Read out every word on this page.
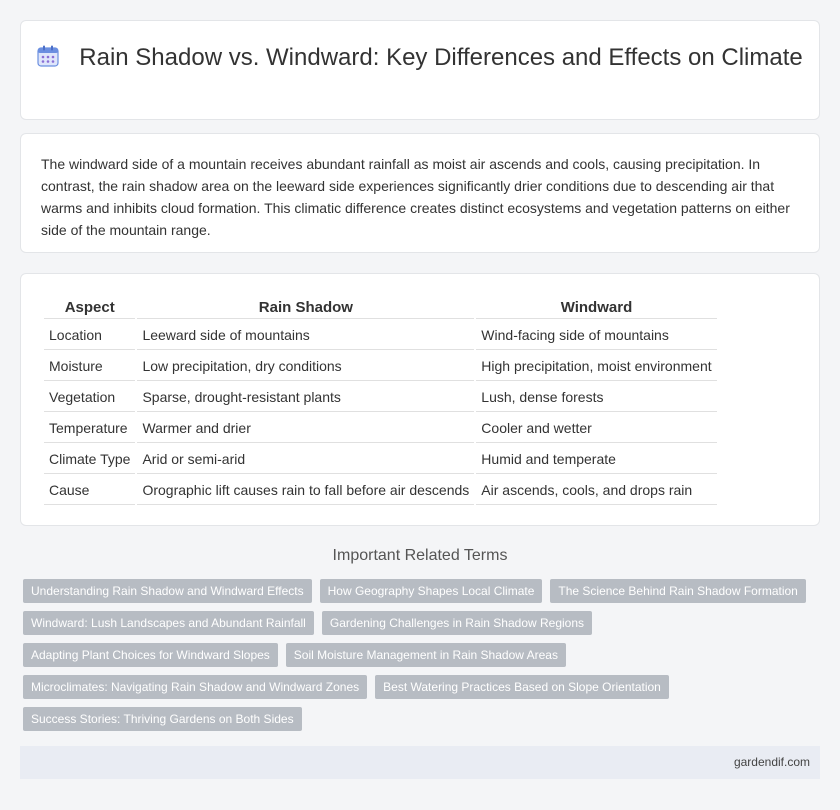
Rain Shadow vs. Windward: Key Differences and Effects on Climate

The windward side of a mountain receives abundant rainfall as moist air ascends and cools, causing precipitation. In contrast, the rain shadow area on the leeward side experiences significantly drier conditions due to descending air that warms and inhibits cloud formation. This climatic difference creates distinct ecosystems and vegetation patterns on either side of the mountain range.

Aspect	Rain Shadow	Windward
Location	Leeward side of mountains	Wind-facing side of mountains
Moisture	Low precipitation, dry conditions	High precipitation, moist environment
Vegetation	Sparse, drought-resistant plants	Lush, dense forests
Temperature	Warmer and drier	Cooler and wetter
Climate Type	Arid or semi-arid	Humid and temperate
Cause	Orographic lift causes rain to fall before air descends	Air ascends, cools, and drops rain
Important Related Terms
Understanding Rain Shadow and Windward Effects	How Geography Shapes Local Climate	The Science Behind Rain Shadow Formation
Windward: Lush Landscapes and Abundant Rainfall	Gardening Challenges in Rain Shadow Regions
Adapting Plant Choices for Windward Slopes	Soil Moisture Management in Rain Shadow Areas
Microclimates: Navigating Rain Shadow and Windward Zones	Best Watering Practices Based on Slope Orientation
Success Stories: Thriving Gardens on Both Sides
gardendif.com
